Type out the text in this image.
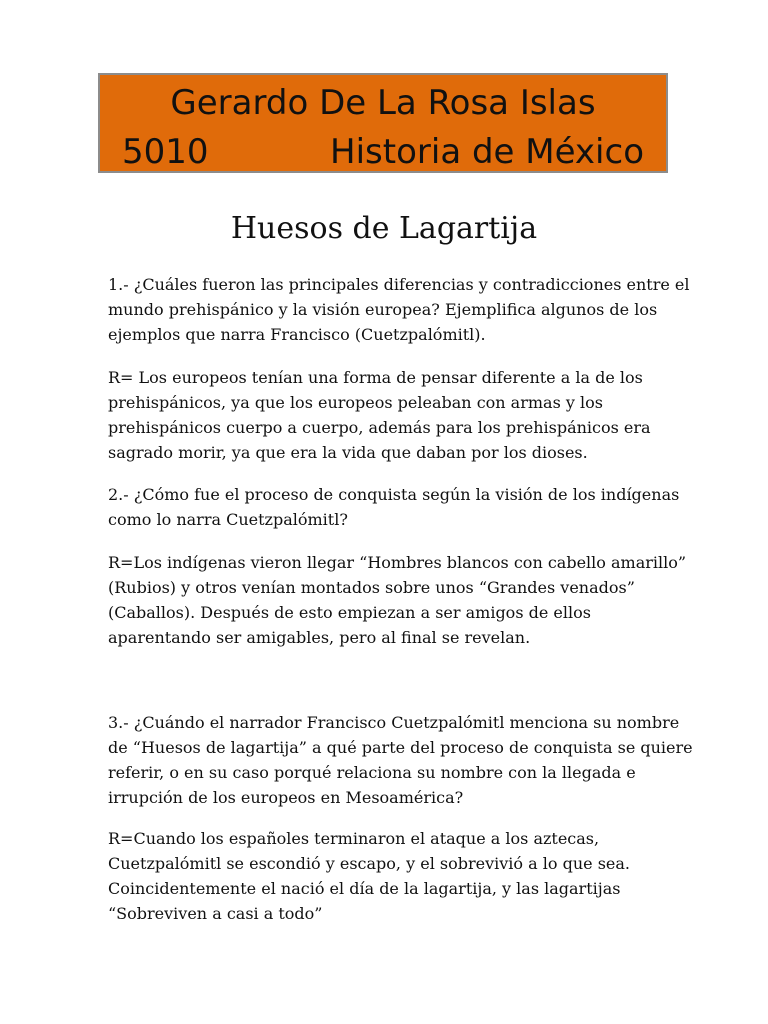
Gerardo De La Rosa Islas
5010	Historia de México
Huesos de Lagartija
1.- ¿Cuáles fueron las principales diferencias y contradicciones entre el
mundo prehispánico y la visión europea? Ejemplifica algunos de los
ejemplos que narra Francisco (Cuetzpalómitl).
R= Los europeos tenían una forma de pensar diferente a la de los
prehispánicos, ya que los europeos peleaban con armas y los
prehispánicos cuerpo a cuerpo, además para los prehispánicos era
sagrado morir, ya que era la vida que daban por los dioses.
2.- ¿Cómo fue el proceso de conquista según la visión de los indígenas
como lo narra Cuetzpalómitl?
R=Los indígenas vieron llegar “Hombres blancos con cabello amarillo”
(Rubios) y otros venían montados sobre unos “Grandes venados”
(Caballos). Después de esto empiezan a ser amigos de ellos
aparentando ser amigables, pero al final se revelan.
3.- ¿Cuándo el narrador Francisco Cuetzpalómitl menciona su nombre
de “Huesos de lagartija” a qué parte del proceso de conquista se quiere
referir, o en su caso porqué relaciona su nombre con la llegada e
irrupción de los europeos en Mesoamérica?
R=Cuando los españoles terminaron el ataque a los aztecas,
Cuetzpalómitl se escondió y escapo, y el sobrevivió a lo que sea.
Coincidentemente el nació el día de la lagartija, y las lagartijas
“Sobreviven a casi a todo”
